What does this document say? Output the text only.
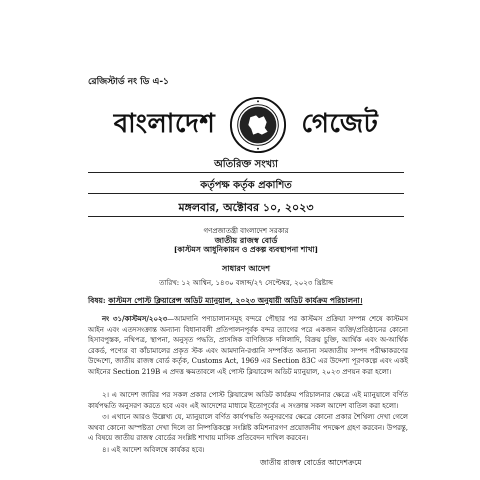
রেজিস্টার্ড নং ডি এ-১
বাংলাদেশ	গেজেট
অতিরিক্ত সংখ্যা
কর্তৃপক্ষ কর্তৃক প্রকাশিত
মঙ্গলবার, অক্টোবর ১০, ২০২৩
গণপ্রজাতন্ত্রী বাংলাদেশ সরকার
জাতীয় রাজস্ব বোর্ড
[কাস্টমস আধুনিকায়ন ও প্রকল্প ব্যবস্থাপনা শাখা]
সাধারণ আদেশ
তারিখ: ১২ আশ্বিন, ১৪৩০ বঙ্গাব্দ/২৭ সেপ্টেম্বর, ২০২৩ খ্রিষ্টাব্দ
বিষয়: কাস্টমস পোস্ট ক্লিয়ারেন্স অডিট ম্যানুয়াল, ২০২৩ অনুযায়ী অডিট কার্যক্রম পরিচালনা।
নং ৩১/কাস্টমস/২০২৩—আমদানি পণ্যচালানসমূহ বন্দরে পৌছার পর কাস্টমস প্রক্রিয়া সম্পন্ন শেষে কাস্টমস আইন এবং এতদসংক্রান্ত অন্যান্য বিধানাবলী প্রতিপালনপূর্বক বন্দর ত্যাগের পরে একজন ব্যক্তি/প্রতিষ্ঠানের কোনো হিসাবপুস্তক, নথিপত্র, স্থাপনা, অনুসৃত পদ্ধতি, প্রাসঙ্গিক বাণিজ্যিক দলিলাদি, বিক্রয় চুক্তি, আর্থিক এবং অ-আর্থিক রেকর্ড, পণ্যের বা কাঁচামালের প্রকৃত স্টক এবং আমদানি-রপ্তানি সম্পর্কিত অন্যান্য সমজাতীয় সম্পদ পরীক্ষাকরণের উদ্দেশ্যে, জাতীয় রাজস্ব বোর্ড কর্তৃক, Customs Act, 1969 এর Section 83C এর উদ্দেশ্য পূরণকল্পে এবং একই আইনের Section 219B এ প্রদত্ত ক্ষমতাবলে এই পোস্ট ক্লিয়ারেন্স অডিট ম্যানুয়াল, ২০২৩ প্রণয়ন করা হলো।
২। এ আদেশ জারির পর সকল প্রকার পোস্ট ক্লিয়ারেন্স অডিট কার্যক্রম পরিচালনার ক্ষেত্রে এই ম্যানুয়ালে বর্ণিত কার্যপদ্ধতি অনুসরণ করতে হবে এবং এই আদেশের মাধ্যমে ইতোপূর্বের এ সংক্রান্ত সকল আদেশ বাতিল করা হলো।
৩। এখানে আরও উল্লেখ্য যে, ম্যানুয়ালে বর্ণিত কার্যপদ্ধতি অনুসরণের ক্ষেত্রে কোনো প্রকার শৈথিল্য দেখা গেলে অথবা কোনো অস্পষ্টতা দেখা দিলে তা নিষ্পত্তিকল্পে সংশ্লিষ্ট কমিশনারগণ প্রয়োজনীয় পদক্ষেপ গ্রহণ করবেন। উপরন্তু, এ বিষয়ে জাতীয় রাজস্ব বোর্ডের সংশ্লিষ্ট শাখায় মাসিক প্রতিবেদন দাখিল করবেন।
৪। এই আদেশ অবিলম্বে কার্যকর হবে।
জাতীয় রাজস্ব বোর্ডের আদেশক্রমে
